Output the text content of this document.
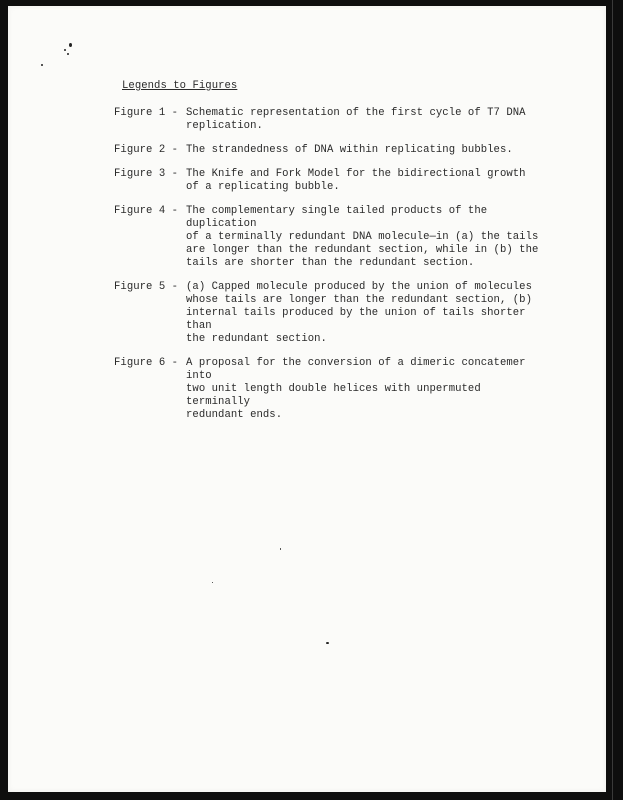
Legends to Figures
Figure 1 - Schematic representation of the first cycle of T7 DNA
replication.
Figure 2 - The strandedness of DNA within replicating bubbles.
Figure 3 - The Knife and Fork Model for the bidirectional growth
of a replicating bubble.
Figure 4 - The complementary single tailed products of the duplication
of a terminally redundant DNA molecule—in (a) the tails
are longer than the redundant section, while in (b) the
tails are shorter than the redundant section.
Figure 5 - (a) Capped molecule produced by the union of molecules
whose tails are longer than the redundant section, (b)
internal tails produced by the union of tails shorter than
the redundant section.
Figure 6 - A proposal for the conversion of a dimeric concatemer into
two unit length double helices with unpermuted terminally
redundant ends.
